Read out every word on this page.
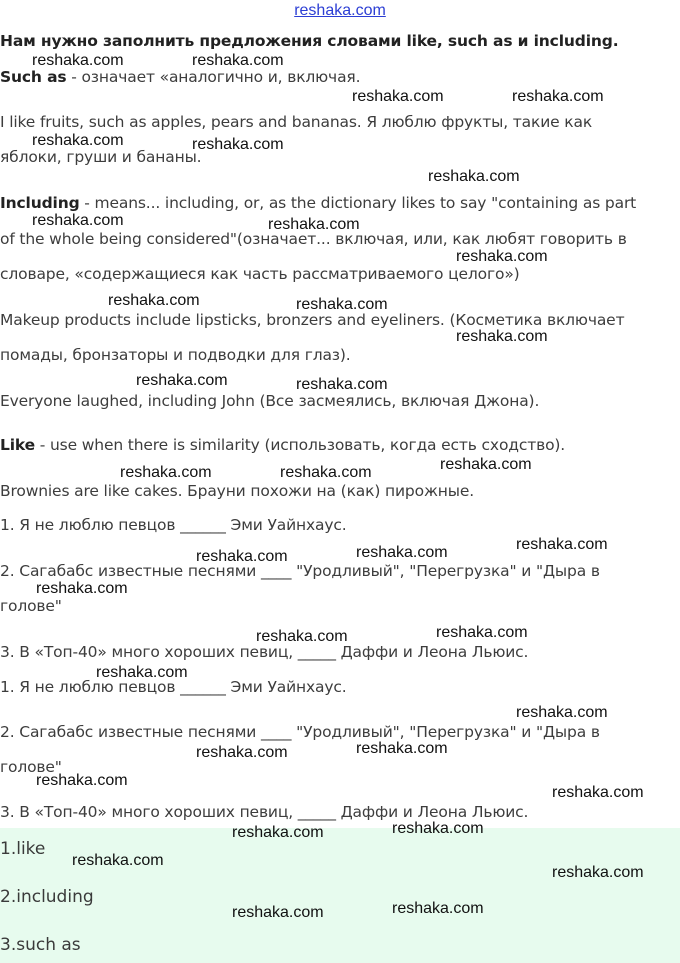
reshaka.com
Нам нужно заполнить предложения словами like, such as и including.
Such as - означает «аналогично и, включая.
I like fruits, such as apples, pears and bananas. Я люблю фрукты, такие как
яблоки, груши и бананы.
Including - means... including, or, as the dictionary likes to say "containing as part
of the whole being considered"(означает... включая, или, как любят говорить в
словаре, «содержащиеся как часть рассматриваемого целого»)
Makeup products include lipsticks, bronzers and eyeliners. (Косметика включает
помады, бронзаторы и подводки для глаз).
Everyone laughed, including John (Все засмеялись, включая Джона).
Like - use when there is similarity (использовать, когда есть сходство).
Brownies are like cakes. Брауни похожи на (как) пирожные.
1. Я не люблю певцов ______ Эми Уайнхаус.
2. Сагабабс известные песнями ____ "Уродливый", "Перегрузка" и "Дыра в
голове"
3. В «Топ-40» много хороших певиц, _____ Даффи и Леона Льюис.
1. Я не люблю певцов ______ Эми Уайнхаус.
2. Сагабабс известные песнями ____ "Уродливый", "Перегрузка" и "Дыра в
голове"
3. В «Топ-40» много хороших певиц, _____ Даффи и Леона Льюис.
1.like
2.including
3.such as
reshaka.com	reshaka.com
reshaka.com	reshaka.com
reshaka.com	reshaka.com
reshaka.com
reshaka.com	reshaka.com
reshaka.com
reshaka.com	reshaka.com
reshaka.com
reshaka.com	reshaka.com
reshaka.com
reshaka.com	reshaka.com
reshaka.com
reshaka.com
reshaka.com
reshaka.com
reshaka.com
reshaka.com
reshaka.com
reshaka.com
reshaka.com
reshaka.com
reshaka.com
reshaka.com
reshaka.com
reshaka.com
reshaka.com
reshaka.com
reshaka.com
reshaka.com
